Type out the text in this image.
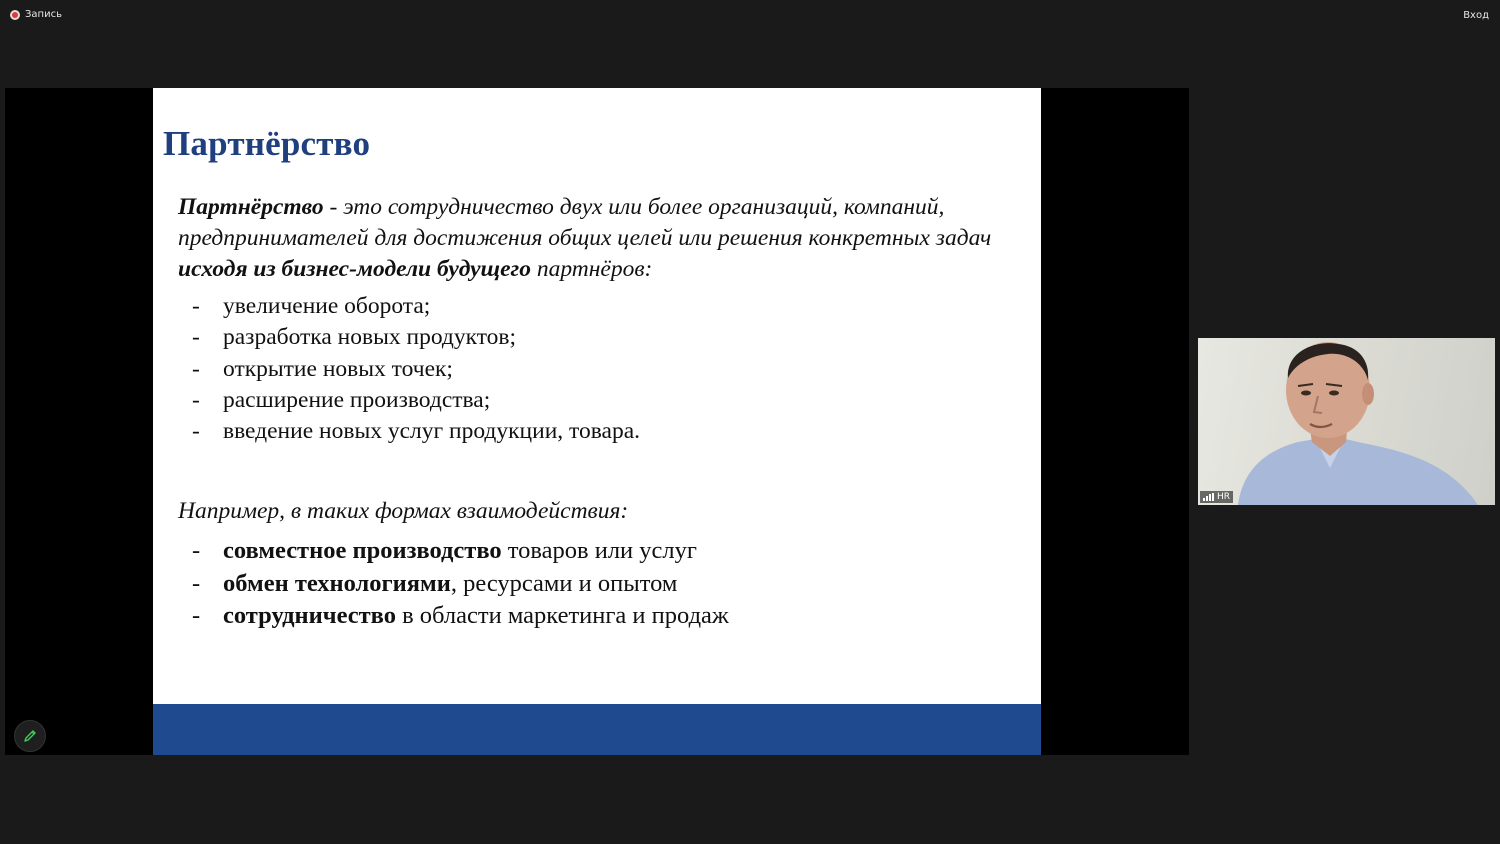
Запись	Вход
Партнёрство

Партнёрство - это сотрудничество двух или более организаций, компаний, предпринимателей для достижения общих целей или решения конкретных задач исходя из бизнес-модели будущего партнёров:

- увеличение оборота;
- разработка новых продуктов;
- открытие новых точек;
- расширение производства;
- введение новых услуг продукции, товара.

Например, в таких формах взаимодействия:

- совместное производство товаров или услуг
- обмен технологиями, ресурсами и опытом
- сотрудничество в области маркетинга и продаж
HR
